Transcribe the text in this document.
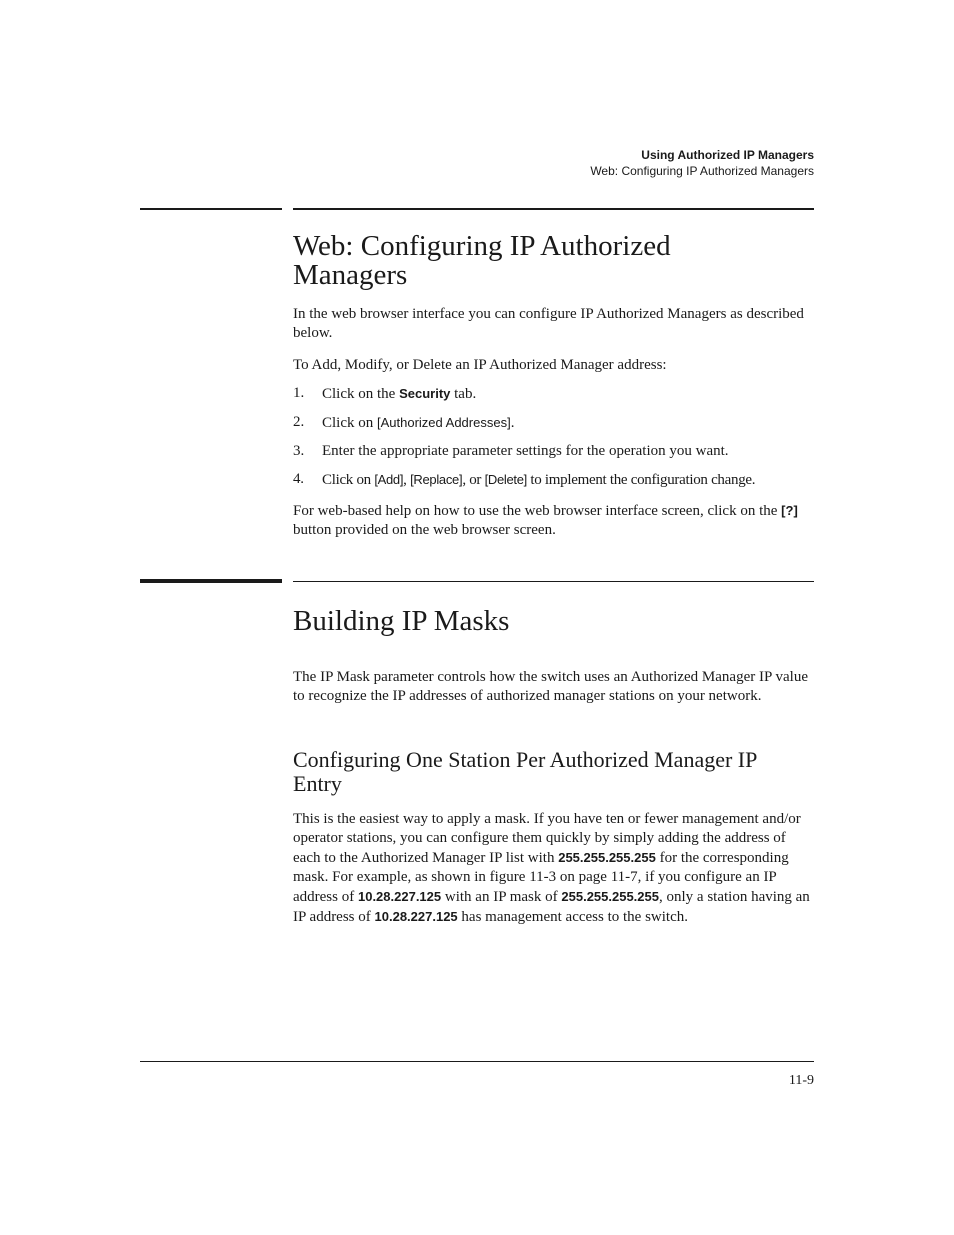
Using Authorized IP Managers
Web: Configuring IP Authorized Managers
Web: Configuring IP Authorized
Managers

In the web browser interface you can configure IP Authorized Managers as described below.

To Add, Modify, or Delete an IP Authorized Manager address:

1. Click on the Security tab.
2. Click on [Authorized Addresses].
3. Enter the appropriate parameter settings for the operation you want.
4. Click on [Add], [Replace], or [Delete] to implement the configuration change.

For web-based help on how to use the web browser interface screen, click on the [?] button provided on the web browser screen.

Building IP Masks

The IP Mask parameter controls how the switch uses an Authorized Manager IP value to recognize the IP addresses of authorized manager stations on your network.

Configuring One Station Per Authorized Manager IP Entry

This is the easiest way to apply a mask. If you have ten or fewer management and/or operator stations, you can configure them quickly by simply adding the address of each to the Authorized Manager IP list with 255.255.255.255 for the corresponding mask. For example, as shown in figure 11-3 on page 11-7, if you configure an IP address of 10.28.227.125 with an IP mask of 255.255.255.255, only a station having an IP address of 10.28.227.125 has management access to the switch.

11-9
